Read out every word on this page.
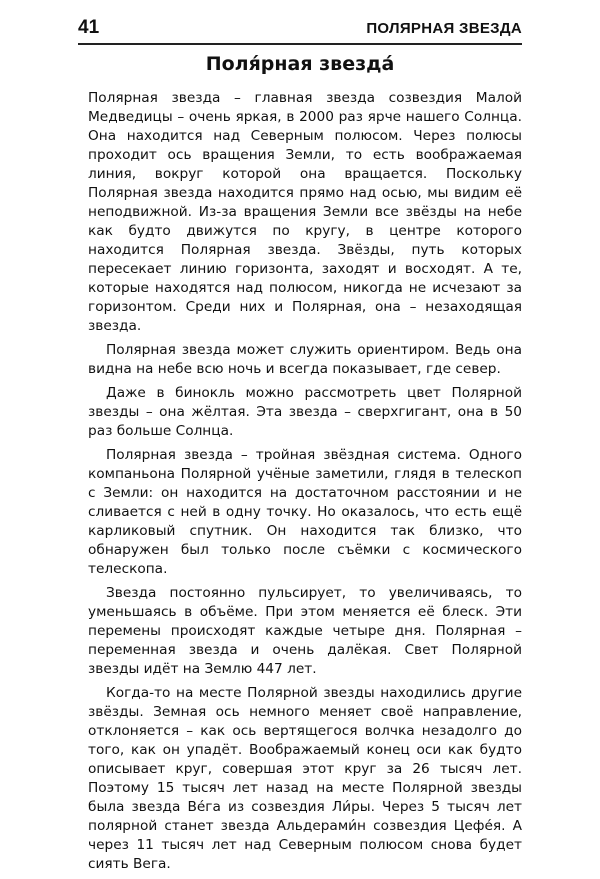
41	ПОЛЯРНАЯ ЗВЕЗДА
Поля́рная звезда́

Полярная звезда – главная звезда созвездия Малой Медведицы – очень яркая, в 2000 раз ярче нашего Солнца. Она находится над Северным полюсом. Через полюсы проходит ось вращения Земли, то есть воображаемая линия, вокруг которой она вращается. Поскольку Полярная звезда находится прямо над осью, мы видим её неподвижной. Из-за вращения Земли все звёзды на небе как будто движутся по кругу, в центре которого находится Полярная звезда. Звёзды, путь которых пересекает линию горизонта, заходят и восходят. А те, которые находятся над полюсом, никогда не исчезают за горизонтом. Среди них и Полярная, она – незаходящая звезда.

Полярная звезда может служить ориентиром. Ведь она видна на небе всю ночь и всегда показывает, где север.

Даже в бинокль можно рассмотреть цвет Полярной звезды – она жёлтая. Эта звезда – сверхгигант, она в 50 раз больше Солнца.

Полярная звезда – тройная звёздная система. Одного компаньона Полярной учёные заметили, глядя в телескоп с Земли: он находится на достаточном расстоянии и не сливается с ней в одну точку. Но оказалось, что есть ещё карликовый спутник. Он находится так близко, что обнаружен был только после съёмки с космического телескопа.

Звезда постоянно пульсирует, то увеличиваясь, то уменьшаясь в объёме. При этом меняется её блеск. Эти перемены происходят каждые четыре дня. Полярная – переменная звезда и очень далёкая. Свет Полярной звезды идёт на Землю 447 лет.

Когда-то на месте Полярной звезды находились другие звёзды. Земная ось немного меняет своё направление, отклоняется – как ось вертящегося волчка незадолго до того, как он упадёт. Воображаемый конец оси как будто описывает круг, совершая этот круг за 26 тысяч лет. Поэтому 15 тысяч лет назад на месте Полярной звезды была звезда Ве́га из созвездия Ли́ры. Через 5 тысяч лет полярной станет звезда Альдерами́н созвездия Цефе́я. А через 11 тысяч лет над Северным полюсом снова будет сиять Вега.
